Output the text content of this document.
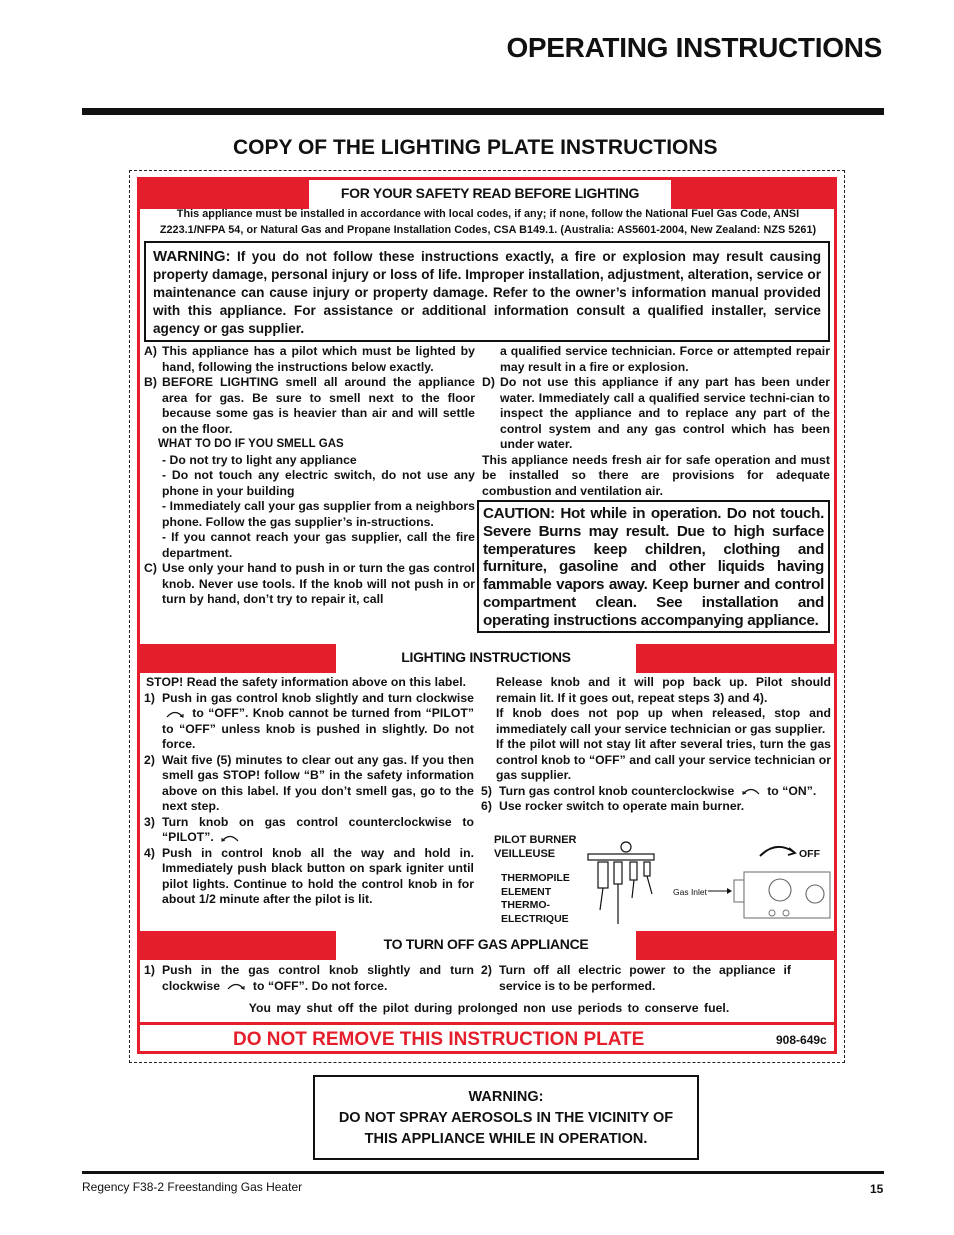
OPERATING INSTRUCTIONS
COPY OF THE LIGHTING PLATE INSTRUCTIONS
FOR YOUR SAFETY READ BEFORE LIGHTING
This appliance must be installed in accordance with local codes, if any; if none, follow the National Fuel Gas Code, ANSI Z223.1/NFPA 54, or Natural Gas and Propane Installation Codes, CSA B149.1. (Australia: AS5601-2004, New Zealand: NZS 5261)
WARNING: If you do not follow these instructions exactly, a fire or explosion may result causing property damage, personal injury or loss of life. Improper installation, adjustment, alteration, service or maintenance can cause injury or property damage. Refer to the owner’s information manual provided with this appliance. For assistance or additional information consult a qualified installer, service agency or gas supplier.
A) This appliance has a pilot which must be lighted by hand, following the instructions below exactly.

B) BEFORE LIGHTING smell all around the appliance area for gas. Be sure to smell next to the floor because some gas is heavier than air and will settle on the floor.

WHAT TO DO IF YOU SMELL GAS

- Do not try to light any appliance

- Do not touch any electric switch, do not use any phone in your building

- Immediately call your gas supplier from a neighbors phone. Follow the gas supplier’s in-structions.

- If you cannot reach your gas supplier, call the fire department.

C) Use only your hand to push in or turn the gas control knob. Never use tools. If the knob will not push in or turn by hand, don’t try to repair it, call

a qualified service technician. Force or attempted repair may result in a fire or explosion.

D) Do not use this appliance if any part has been under water. Immediately call a qualified service techni-cian to inspect the appliance and to replace any part of the control system and any gas control which has been under water.

This appliance needs fresh air for safe operation and must be installed so there are provisions for adequate combustion and ventilation air.

CAUTION: Hot while in operation. Do not touch. Severe Burns may result. Due to high surface temperatures keep children, clothing and furniture, gasoline and other liquids having fammable vapors away. Keep burner and control compartment clean. See installation and operating instructions accompanying appliance.
LIGHTING INSTRUCTIONS

STOP! Read the safety information above on this label.

1) Push in gas control knob slightly and turn clockwise  to “OFF”. Knob cannot be turned from “PILOT” to “OFF” unless knob is pushed in slightly. Do not force.

2) Wait five (5) minutes to clear out any gas. If you then smell gas STOP! follow “B” in the safety information above on this label. If you don’t smell gas, go to the next step.

3) Turn knob on gas control counterclockwise to “PILOT”.

4) Push in control knob all the way and hold in. Immediately push black button on spark igniter until pilot lights. Continue to hold the control knob in for about 1/2 minute after the pilot is lit.

Release knob and it will pop back up. Pilot should remain lit. If it goes out, repeat steps 3) and 4).

If knob does not pop up when released, stop and immediately call your service technician or gas supplier.

If the pilot will not stay lit after several tries, turn the gas control knob to “OFF” and call your service technician or gas supplier.

5) Turn gas control knob counterclockwise	to “ON”.

6) Use rocker switch to operate main burner.

PILOT BURNER
VEILLEUSE
THERMOPILE
ELEMENT
THERMO-
ELECTRIQUE
Gas Inlet
OFF
TO TURN OFF GAS APPLIANCE
1) Push in the gas control knob slightly and turn clockwise	to “OFF”. Do not force.

2) Turn off all electric power to the appliance if service is to be performed.

You may shut off the pilot during prolonged non use periods to conserve fuel.
DO NOT REMOVE THIS INSTRUCTION PLATE	908-649c
WARNING:
DO NOT SPRAY AEROSOLS IN THE VICINITY OF
THIS APPLIANCE WHILE IN OPERATION.
Regency F38-2 Freestanding Gas Heater	15
